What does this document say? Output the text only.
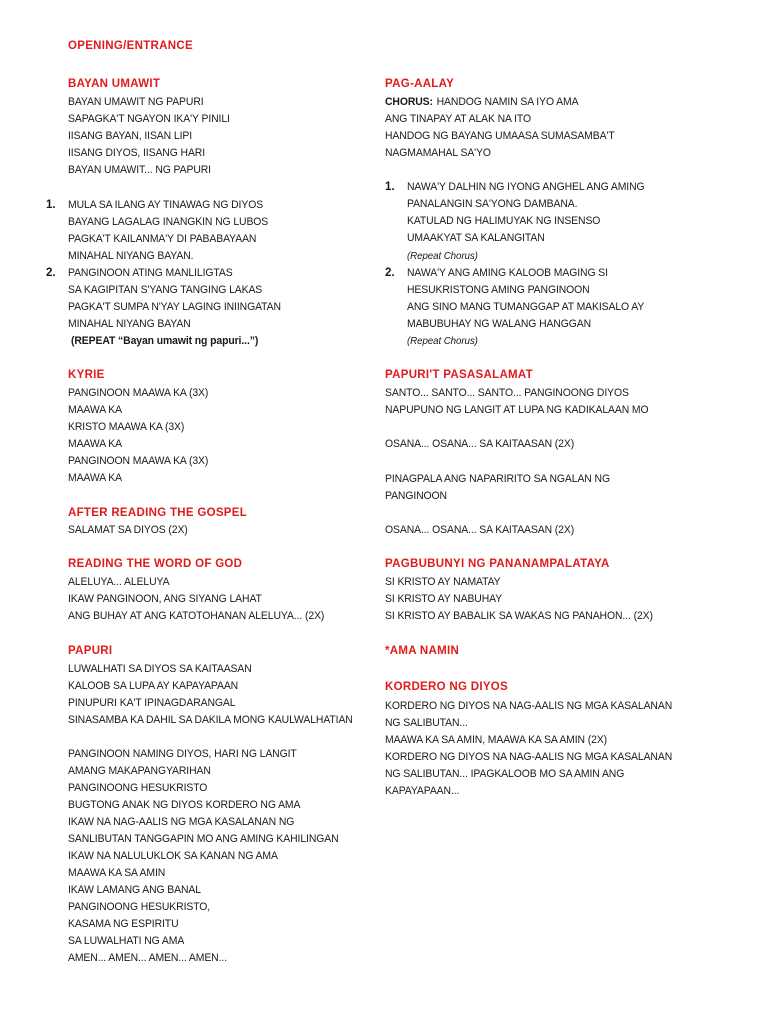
OPENING/ENTRANCE
BAYAN UMAWIT
BAYAN UMAWIT NG PAPURI
SAPAGKA'T NGAYON IKA'Y PINILI
IISANG BAYAN, IISAN LIPI
IISANG DIYOS, IISANG HARI
BAYAN UMAWIT... NG PAPURI
1. MULA SA ILANG AY TINAWAG NG DIYOS
BAYANG LAGALAG INANGKIN NG LUBOS
PAGKA'T KAILANMA'Y DI PABABAYAAN
MINAHAL NIYANG BAYAN.
2. PANGINOON ATING MANLILIGTAS
SA KAGIPITAN S'YANG TANGING LAKAS
PAGKA'T SUMPA N'YAY LAGING INIINGATAN
MINAHAL NIYANG BAYAN
(REPEAT “Bayan umawit ng papuri...”)
KYRIE
PANGINOON MAAWA KA (3X)
MAAWA KA
KRISTO MAAWA KA (3X)
MAAWA KA
PANGINOON MAAWA KA (3X)
MAAWA KA
AFTER READING THE GOSPEL
SALAMAT SA DIYOS (2X)
READING THE WORD OF GOD
ALELUYA... ALELUYA
IKAW PANGINOON, ANG SIYANG LAHAT
ANG BUHAY AT ANG KATOTOHANAN ALELUYA... (2X)
PAPURI
LUWALHATI SA DIYOS SA KAITAASAN
KALOOB SA LUPA AY KAPAYAPAAN
PINUPURI KA'T IPINAGDARANGAL
SINASAMBA KA DAHIL SA DAKILA MONG KAULWALHATIAN
PANGINOON NAMING DIYOS, HARI NG LANGIT
AMANG MAKAPANGYARIHAN
PANGINOONG HESUKRISTO
BUGTONG ANAK NG DIYOS KORDERO NG AMA
IKAW NA NAG-AALIS NG MGA KASALANAN NG
SANLIBUTAN TANGGAPIN MO ANG AMING KAHILINGAN
IKAW NA NALULUKLOK SA KANAN NG AMA
MAAWA KA SA AMIN
IKAW LAMANG ANG BANAL
PANGINOONG HESUKRISTO,
KASAMA NG ESPIRITU
SA LUWALHATI NG AMA
AMEN... AMEN... AMEN... AMEN...
PAG-AALAY
CHORUS: HANDOG NAMIN SA IYO AMA
ANG TINAPAY AT ALAK NA ITO
HANDOG NG BAYANG UMAASA SUMASAMBA'T
NAGMAMAHAL SA'YO
1. NAWA'Y DALHIN NG IYONG ANGHEL ANG AMING
PANALANGIN SA'YONG DAMBANA.
KATULAD NG HALIMUYAK NG INSENSO
UMAAKYAT SA KALANGITAN
(Repeat Chorus)
2. NAWA'Y ANG AMING KALOOB MAGING SI
HESUKRISTONG AMING PANGINOON
ANG SINO MANG TUMANGGAP AT MAKISALO AY
MABUBUHAY NG WALANG HANGGAN
(Repeat Chorus)
PAPURI'T PASASALAMAT
SANTO... SANTO... SANTO... PANGINOONG DIYOS
NAPUPUNO NG LANGIT AT LUPA NG KADIKALAAN MO
OSANA... OSANA... SA KAITAASAN (2X)
PINAGPALA ANG NAPARIRITO SA NGALAN NG
PANGINOON
OSANA... OSANA... SA KAITAASAN (2X)
PAGBUBUNYI NG PANANAMPALATAYA
SI KRISTO AY NAMATAY
SI KRISTO AY NABUHAY
SI KRISTO AY BABALIK SA WAKAS NG PANAHON... (2X)
*AMA NAMIN
KORDERO NG DIYOS
KORDERO NG DIYOS NA NAG-AALIS NG MGA KASALANAN
NG SALIBUTAN...
MAAWA KA SA AMIN, MAAWA KA SA AMIN (2X)
KORDERO NG DIYOS NA NAG-AALIS NG MGA KASALANAN
NG SALIBUTAN... IPAGKALOOB MO SA AMIN ANG
KAPAYAPAAN...
